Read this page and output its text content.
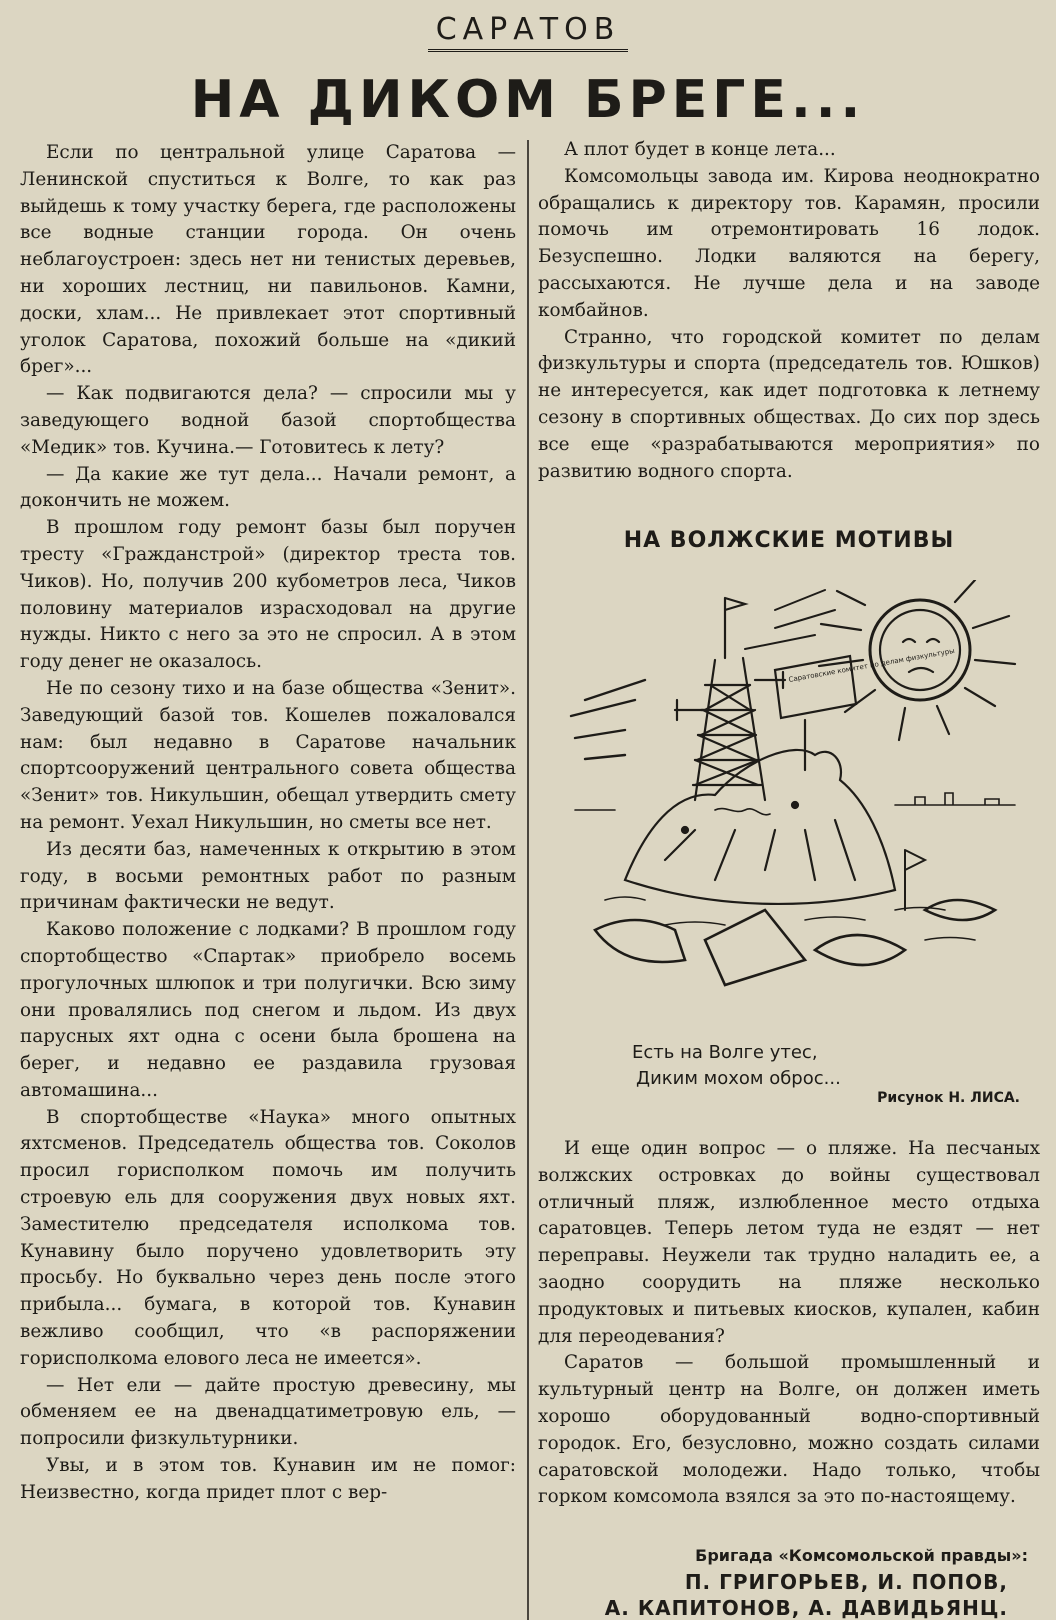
САРАТОВ
НА ДИКОМ БРЕГЕ...

Если по центральной улице Саратова — Ленинской спуститься к Волге, то как раз выйдешь к тому участку берега, где расположены все водные станции города. Он очень неблагоустроен: здесь нет ни тенистых деревьев, ни хороших лестниц, ни павильонов. Камни, доски, хлам... Не привлекает этот спортивный уголок Саратова, похожий больше на «дикий брег»...

— Как подвигаются дела? — спросили мы у заведующего водной базой спортобщества «Медик» тов. Кучина.— Готовитесь к лету?

— Да какие же тут дела... Начали ремонт, а докончить не можем.

В прошлом году ремонт базы был поручен тресту «Гражданстрой» (директор треста тов. Чиков). Но, получив 200 кубометров леса, Чиков половину материалов израсходовал на другие нужды. Никто с него за это не спросил. А в этом году денег не оказалось.

Не по сезону тихо и на базе общества «Зенит». Заведующий базой тов. Кошелев пожаловался нам: был недавно в Саратове начальник спортсооружений центрального совета общества «Зенит» тов. Никульшин, обещал утвердить смету на ремонт. Уехал Никульшин, но сметы все нет.

Из десяти баз, намеченных к открытию в этом году, в восьми ремонтных работ по разным причинам фактически не ведут.

Каково положение с лодками? В прошлом году спортобщество «Спартак» приобрело восемь прогулочных шлюпок и три полугички. Всю зиму они провалялись под снегом и льдом. Из двух парусных яхт одна с осени была брошена на берег, и недавно ее раздавила грузовая автомашина...

В спортобществе «Наука» много опытных яхтсменов. Председатель общества тов. Соколов просил горисполком помочь им получить строевую ель для сооружения двух новых яхт. Заместителю председателя исполкома тов. Кунавину было поручено удовлетворить эту просьбу. Но буквально через день после этого прибыла... бумага, в которой тов. Кунавин вежливо сообщил, что «в распоряжении горисполкома елового леса не имеется».

— Нет ели — дайте простую древесину, мы обменяем ее на двенадцатиметровую ель, — попросили физкультурники.

Увы, и в этом тов. Кунавин им не помог: Неизвестно, когда придет плот с вер-

А плот будет в конце лета...

Комсомольцы завода им. Кирова неоднократно обращались к директору тов. Карамян, просили помочь им отремонтировать 16 лодок. Безуспешно. Лодки валяются на берегу, рассыхаются. Не лучше дела и на заводе комбайнов.

Странно, что городской комитет по делам физкультуры и спорта (председатель тов. Юшков) не интересуется, как идет подготовка к летнему сезону в спортивных обществах. До сих пор здесь все еще «разрабатываются мероприятия» по развитию водного спорта.

НА ВОЛЖСКИЕ МОТИВЫ
Саратовские комитет по делам физкультуры
Есть на Волге утес,
Диким мохом оброс...
Рисунок Н. ЛИСА.

И еще один вопрос — о пляже. На песчаных волжских островках до войны существовал отличный пляж, излюбленное место отдыха саратовцев. Теперь летом туда не ездят — нет переправы. Неужели так трудно наладить ее, а заодно соорудить на пляже несколько продуктовых и питьевых киосков, купален, кабин для переодевания?

Саратов — большой промышленный и культурный центр на Волге, он должен иметь хорошо оборудованный водно-спортивный городок. Его, безусловно, можно создать силами саратовской молодежи. Надо только, чтобы горком комсомола взялся за это по-настоящему.

Бригада «Комсомольской правды»:
П. ГРИГОРЬЕВ, И. ПОПОВ,
А. КАПИТОНОВ, А. ДАВИДЬЯНЦ.
